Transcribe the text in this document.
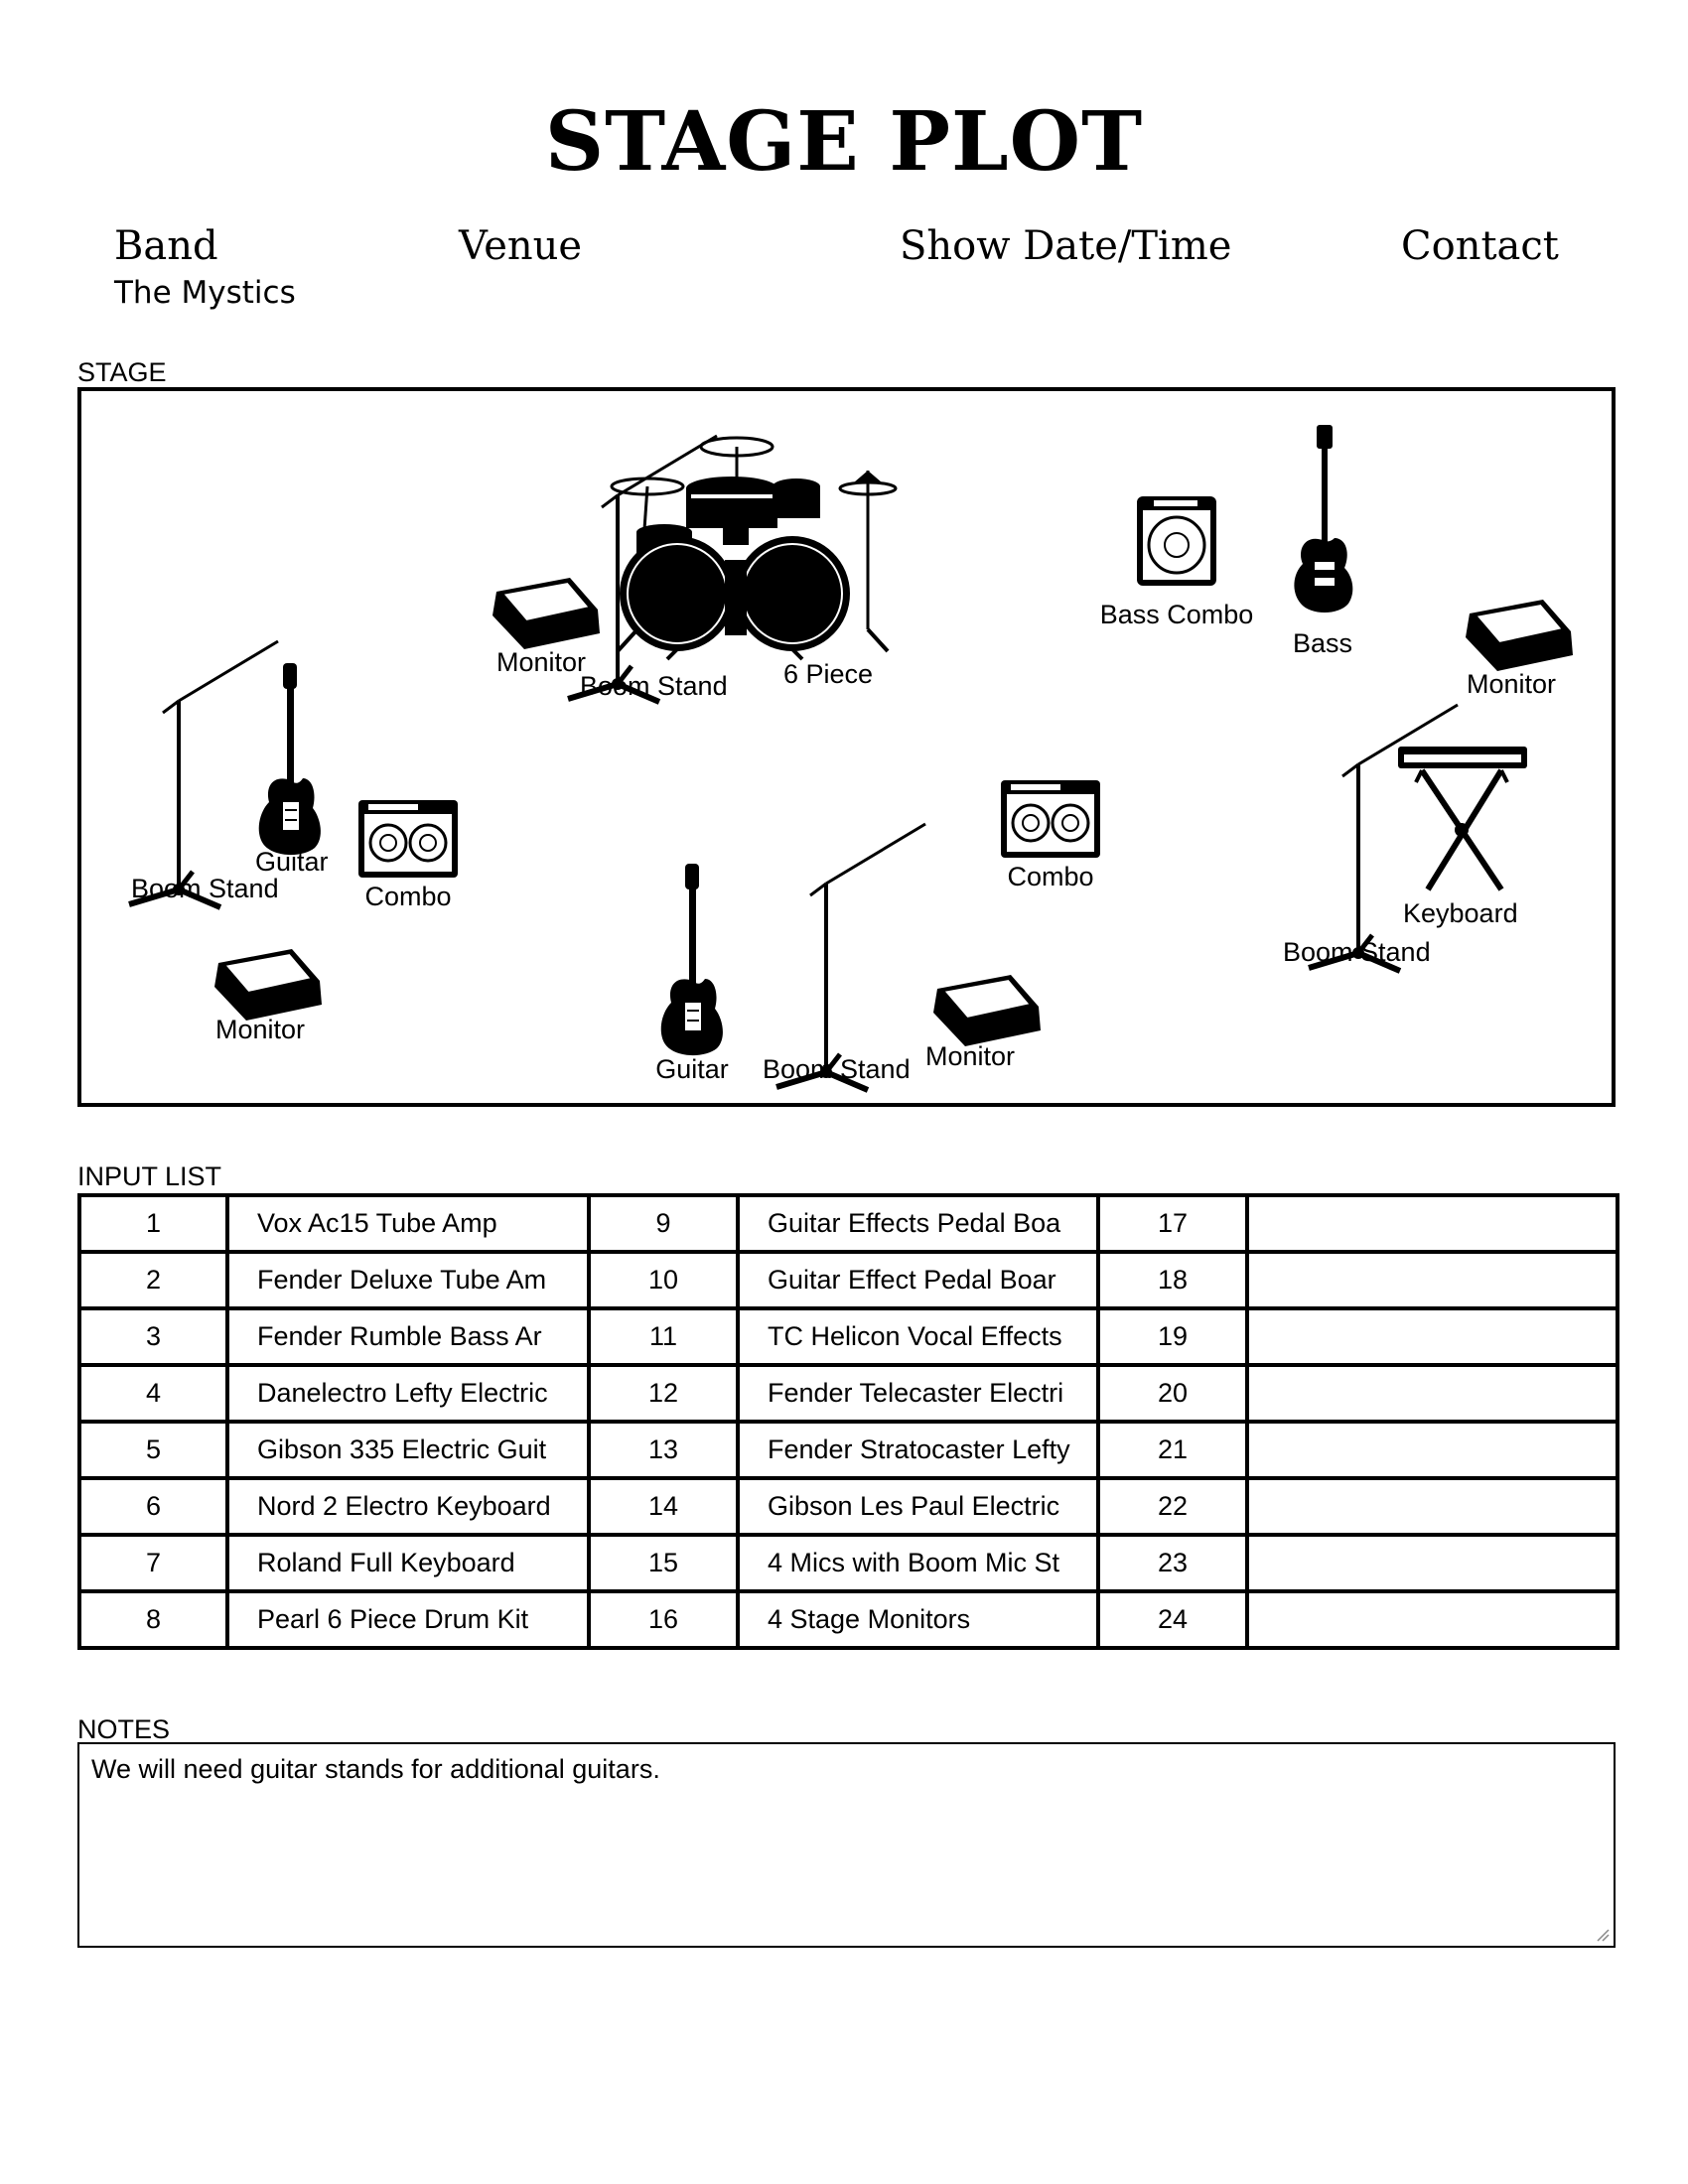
STAGE PLOT
Band	Venue	Show Date/Time	Contact
The Mystics
STAGE
6 Piece
Boom Stand
Monitor
Bass Combo
Bass
Monitor
Guitar
Boom Stand	Combo
Monitor
Guitar Boom Stand Monitor
Combo
Boom Stand
Keyboard
INPUT LIST
1	Vox Ac15 Tube Amp	9	Guitar Effects Pedal Boa	17	
2	Fender Deluxe Tube Am	10	Guitar Effect Pedal Boar	18	
3	Fender Rumble Bass Ar	11	TC Helicon Vocal Effects	19	
4	Danelectro Lefty Electric	12	Fender Telecaster Electri	20	
5	Gibson 335 Electric Guit	13	Fender Stratocaster Lefty	21	
6	Nord 2 Electro Keyboard	14	Gibson Les Paul Electric	22	
7	Roland Full Keyboard	15	4 Mics with Boom Mic St	23	
8	Pearl 6 Piece Drum Kit	16	4 Stage Monitors	24	
NOTES
We will need guitar stands for additional guitars.
